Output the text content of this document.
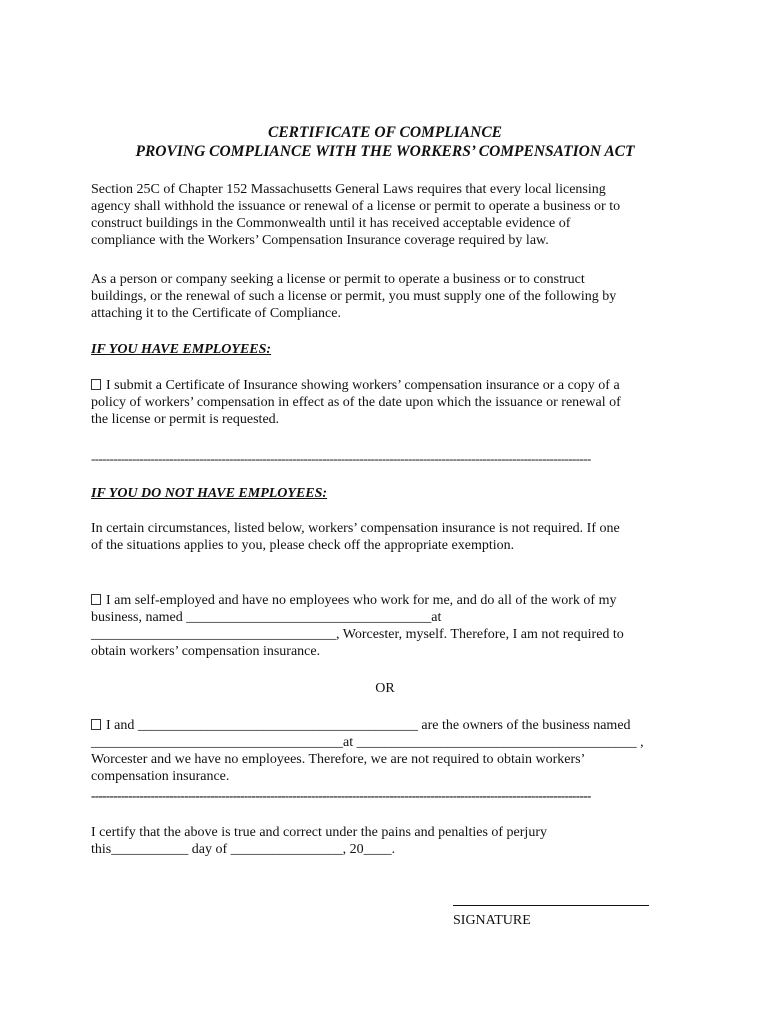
CERTIFICATE OF COMPLIANCE
PROVING COMPLIANCE WITH THE WORKERS’ COMPENSATION ACT
Section 25C of Chapter 152 Massachusetts General Laws requires that every local licensing
agency shall withhold the issuance or renewal of a license or permit to operate a business or to
construct buildings in the Commonwealth until it has received acceptable evidence of
compliance with the Workers’ Compensation Insurance coverage required by law.
As a person or company seeking a license or permit to operate a business or to construct
buildings, or the renewal of such a license or permit, you must supply one of the following by
attaching it to the Certificate of Compliance.
IF YOU HAVE EMPLOYEES:
I submit a Certificate of Insurance showing workers’ compensation insurance or a copy of a
policy of workers’ compensation in effect as of the date upon which the issuance or renewal of
the license or permit is requested.
--------------------------------------------------------------------------------------------------------------------------------------
IF YOU DO NOT HAVE EMPLOYEES:
In certain circumstances, listed below, workers’ compensation insurance is not required. If one
of the situations applies to you, please check off the appropriate exemption.
I am self-employed and have no employees who work for me, and do all of the work of my
business, named ___________________________________at
___________________________________, Worcester, myself. Therefore, I am not required to
obtain workers’ compensation insurance.
OR
I and ________________________________________ are the owners of the business named
____________________________________at ________________________________________ ,
Worcester and we have no employees. Therefore, we are not required to obtain workers’
compensation insurance.
--------------------------------------------------------------------------------------------------------------------------------------
I certify that the above is true and correct under the pains and penalties of perjury
this___________ day of ________________, 20____.
SIGNATURE
